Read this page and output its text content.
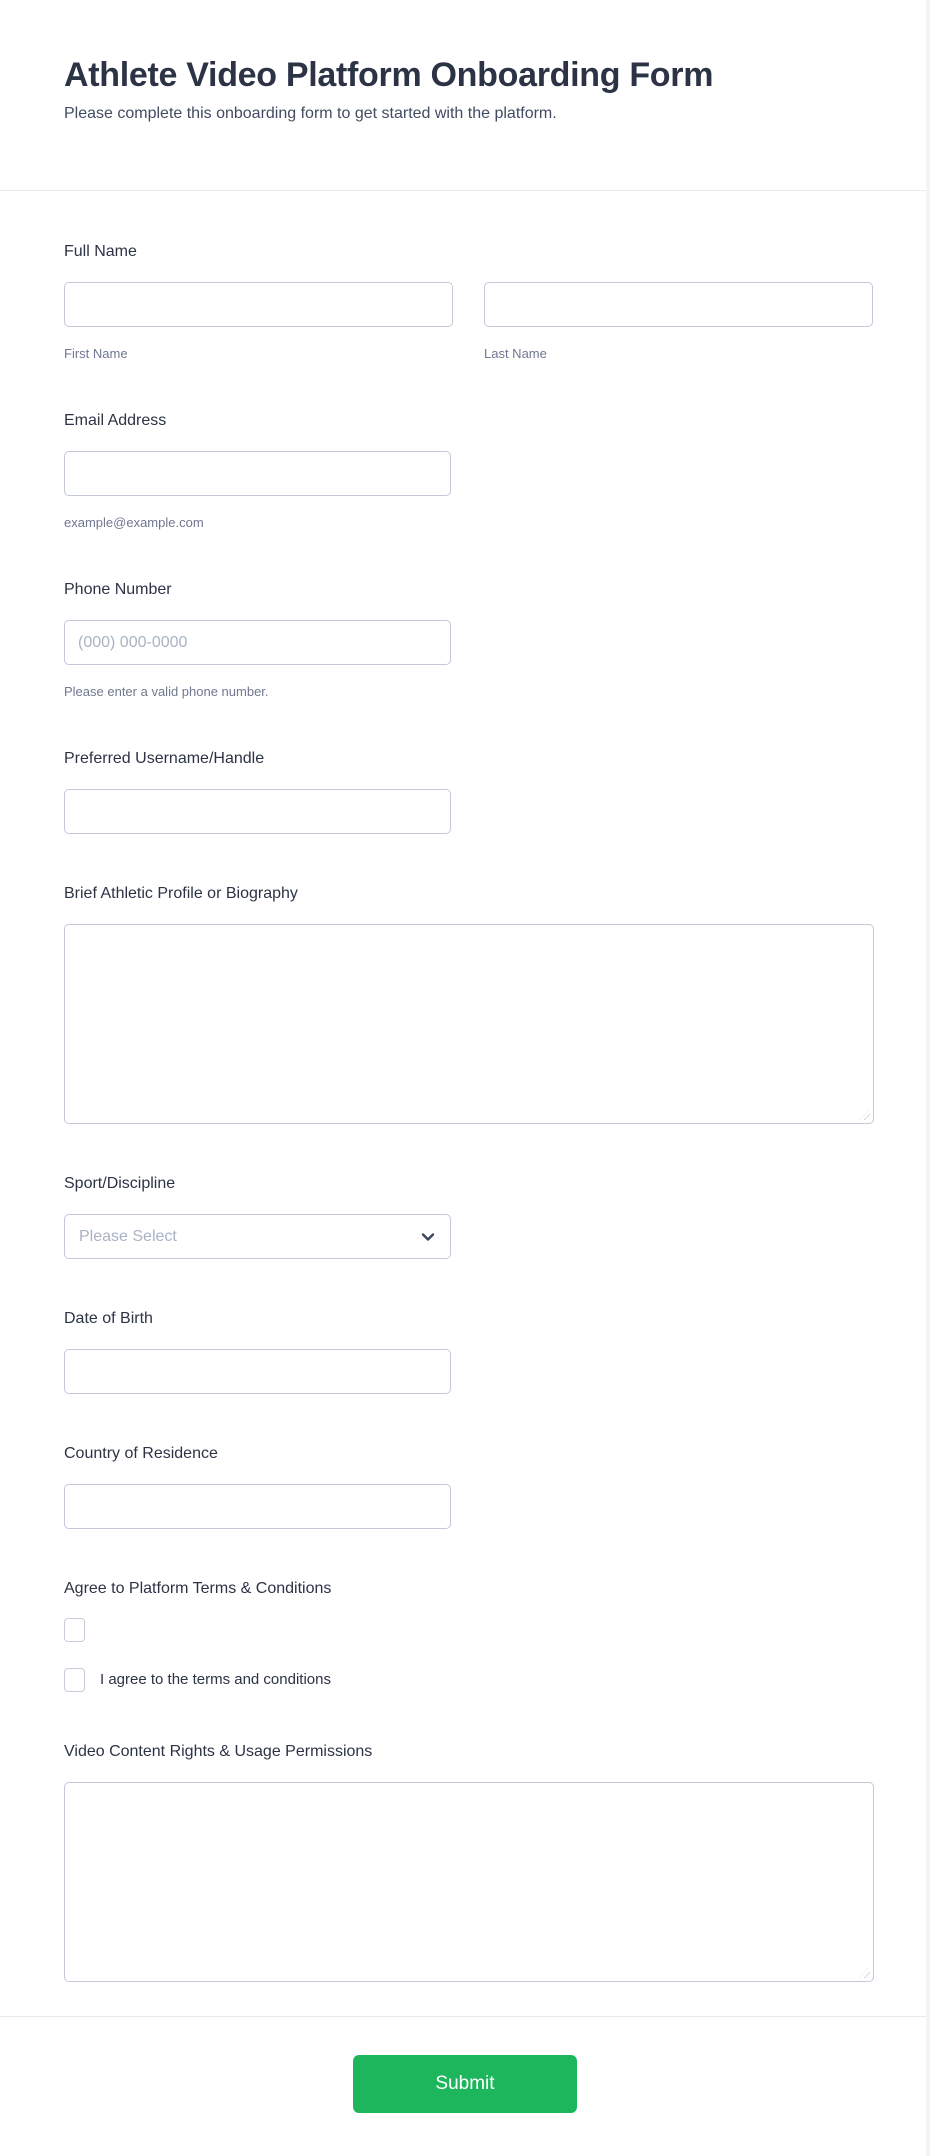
Athlete Video Platform Onboarding Form
Please complete this onboarding form to get started with the platform.
Full Name
First Name	Last Name
Email Address
example@example.com
Phone Number
(000) 000-0000
Please enter a valid phone number.
Preferred Username/Handle
Brief Athletic Profile or Biography
Sport/Discipline
Please Select
Date of Birth
Country of Residence
Agree to Platform Terms & Conditions
I agree to the terms and conditions
Video Content Rights & Usage Permissions
Submit
